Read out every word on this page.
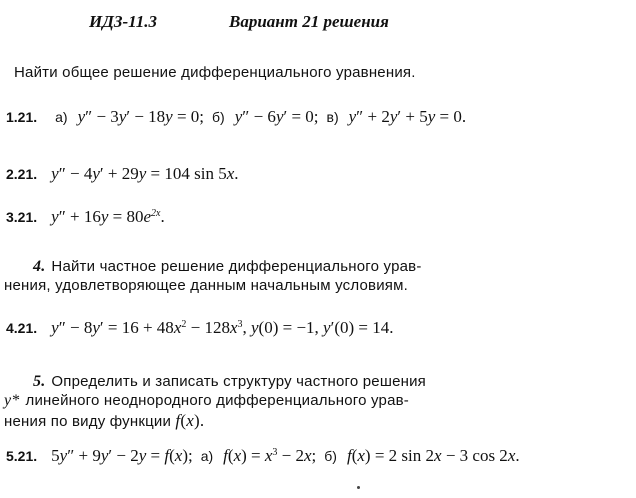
ИДЗ-11.3	Вариант 21 решения
Найти общее решение дифференциального уравнения.
1.21. а) y″ − 3y′ − 18y = 0; б) y″ − 6y′ = 0; в) y″ + 2y′ + 5y = 0.
2.21. y″ − 4y′ + 29y = 104 sin 5x.
3.21. $y'' + 16y = 80e^{2x}$.
4. Найти частное решение дифференциального урав-
нения, удовлетворяющее данным начальным условиям.
4.21. $y'' - 8y' = 16 + 48x^2 - 128x^3$, y(0) = −1, y′(0) = 14.
5. Определить и записать структуру частного решения
y* линейного неоднородного дифференциального урав-
нения по виду функции f(x).
5.21. 5y″ + 9y′ − 2y = f(x); а) $f(x) = x^3 - 2x$; б) f(x) = 2 sin 2x − 3 cos 2x.
